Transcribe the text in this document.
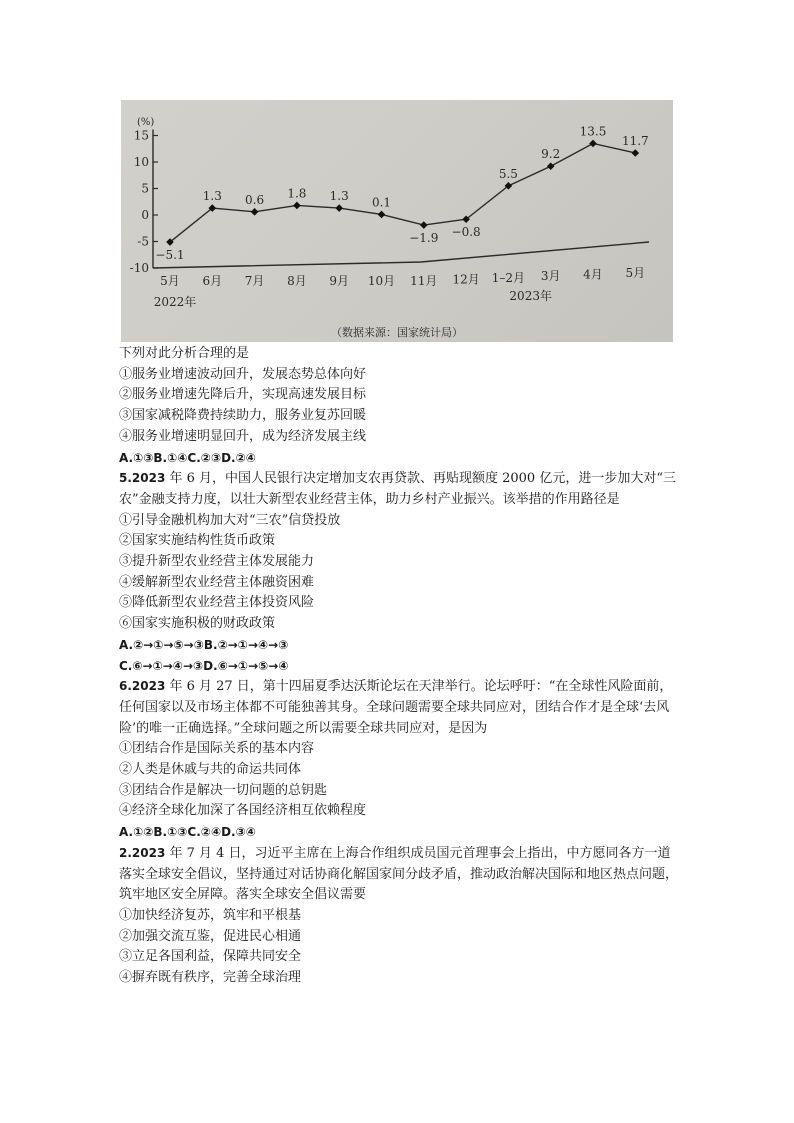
(%)
15
10
5
0
-5
-10
5月 6月 7月 8月 9月 10月 11月 12月 1–2月 3月 4月 5月
2022年	2023年
（数据来源：国家统计局）
−5.1
1.3 0.6 1.8 1.3 0.1
−1.9 −0.8
5.5
9.2
13.5
11.7
下列对此分析合理的是
①服务业增速波动回升，发展态势总体向好
②服务业增速先降后升，实现高速发展目标
③国家减税降费持续助力，服务业复苏回暖
④服务业增速明显回升，成为经济发展主线
A.①③B.①④C.②③D.②④
5.2023 年 6 月，中国人民银行决定增加支农再贷款、再贴现额度 2000 亿元，进一步加大对“三农”金融支持力度，以壮大新型农业经营主体，助力乡村产业振兴。该举措的作用路径是
①引导金融机构加大对“三农”信贷投放
②国家实施结构性货币政策
③提升新型农业经营主体发展能力
④缓解新型农业经营主体融资困难
⑤降低新型农业经营主体投资风险
⑥国家实施积极的财政政策
A.②→①→⑤→③B.②→①→④→③
C.⑥→①→④→③D.⑥→①→⑤→④
6.2023 年 6 月 27 日，第十四届夏季达沃斯论坛在天津举行。论坛呼吁：“在全球性风险面前，任何国家以及市场主体都不可能独善其身。全球问题需要全球共同应对，团结合作才是全球‘去风险’的唯一正确选择。”全球问题之所以需要全球共同应对，是因为
①团结合作是国际关系的基本内容
②人类是休戚与共的命运共同体
③团结合作是解决一切问题的总钥匙
④经济全球化加深了各国经济相互依赖程度
A.①②B.①③C.②④D.③④
2.2023 年 7 月 4 日，习近平主席在上海合作组织成员国元首理事会上指出，中方愿同各方一道落实全球安全倡议，坚持通过对话协商化解国家间分歧矛盾，推动政治解决国际和地区热点问题，筑牢地区安全屏障。落实全球安全倡议需要
①加快经济复苏，筑牢和平根基
②加强交流互鉴，促进民心相通
③立足各国利益，保障共同安全
④摒弃既有秩序，完善全球治理
